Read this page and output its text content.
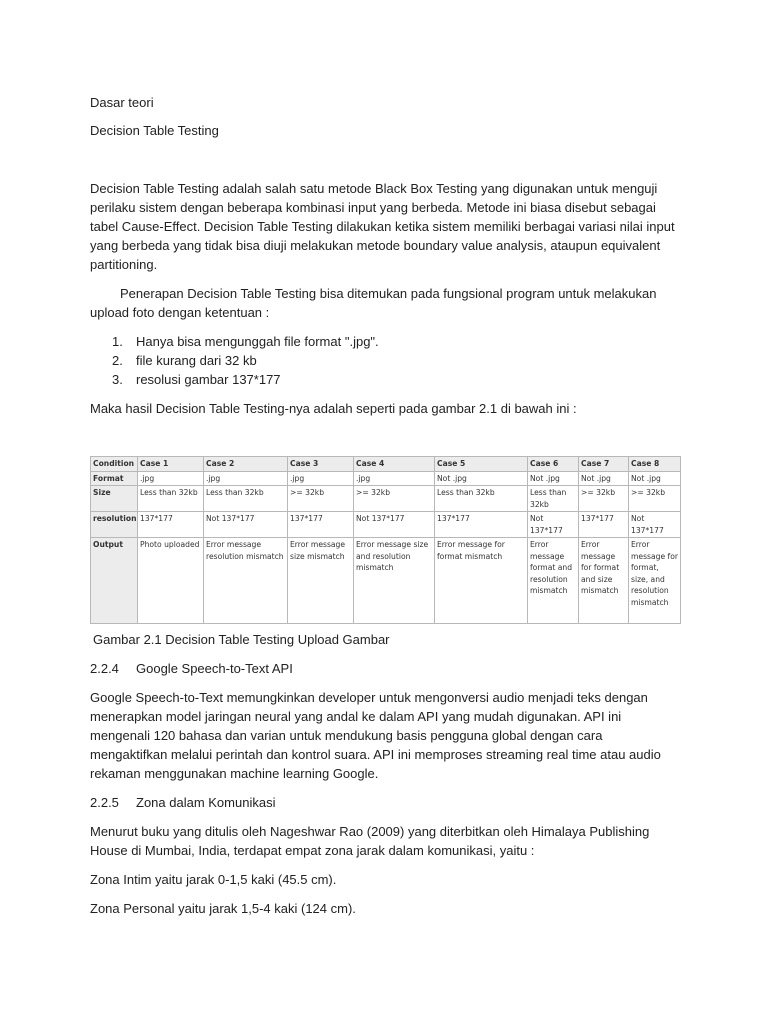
Dasar teori

Decision Table Testing

Decision Table Testing adalah salah satu metode Black Box Testing yang digunakan untuk menguji perilaku sistem dengan beberapa kombinasi input yang berbeda. Metode ini biasa disebut sebagai tabel Cause-Effect. Decision Table Testing dilakukan ketika sistem memiliki berbagai variasi nilai input yang berbeda yang tidak bisa diuji melakukan metode boundary value analysis, ataupun equivalent partitioning.

Penerapan Decision Table Testing bisa ditemukan pada fungsional program untuk melakukan upload foto dengan ketentuan :

1. Hanya bisa mengunggah file format ".jpg".
2. file kurang dari 32 kb
3. resolusi gambar 137*177

Maka hasil Decision Table Testing-nya adalah seperti pada gambar 2.1 di bawah ini :

Gambar 2.1 Decision Table Testing Upload Gambar

2.2.4 Google Speech-to-Text API

Google Speech-to-Text memungkinkan developer untuk mengonversi audio menjadi teks dengan menerapkan model jaringan neural yang andal ke dalam API yang mudah digunakan. API ini mengenali 120 bahasa dan varian untuk mendukung basis pengguna global dengan cara mengaktifkan melalui perintah dan kontrol suara. API ini memproses streaming real time atau audio rekaman menggunakan machine learning Google.

2.2.5 Zona dalam Komunikasi

Menurut buku yang ditulis oleh Nageshwar Rao (2009) yang diterbitkan oleh Himalaya Publishing House di Mumbai, India, terdapat empat zona jarak dalam komunikasi, yaitu :

Zona Intim yaitu jarak 0-1,5 kaki (45.5 cm).

Zona Personal yaitu jarak 1,5-4 kaki (124 cm).

Condition	Case 1	Case 2	Case 3	Case 4	Case 5	Case 6	Case 7	Case 8
Format	.jpg	.jpg	.jpg	.jpg	Not .jpg	Not .jpg	Not .jpg	Not .jpg
Size	Less than 32kb	Less than 32kb	>= 32kb	>= 32kb	Less than 32kb	Less than 32kb	>= 32kb	>= 32kb
resolution	137*177	Not 137*177	137*177	Not 137*177	137*177	Not 137*177	137*177	Not 137*177
Output	Photo uploaded	Error message resolution mismatch	Error message size mismatch	Error message size and resolution mismatch	Error message for format mismatch	Error message format and resolution mismatch	Error message for format and size mismatch	Error message for format, size, and resolution mismatch
